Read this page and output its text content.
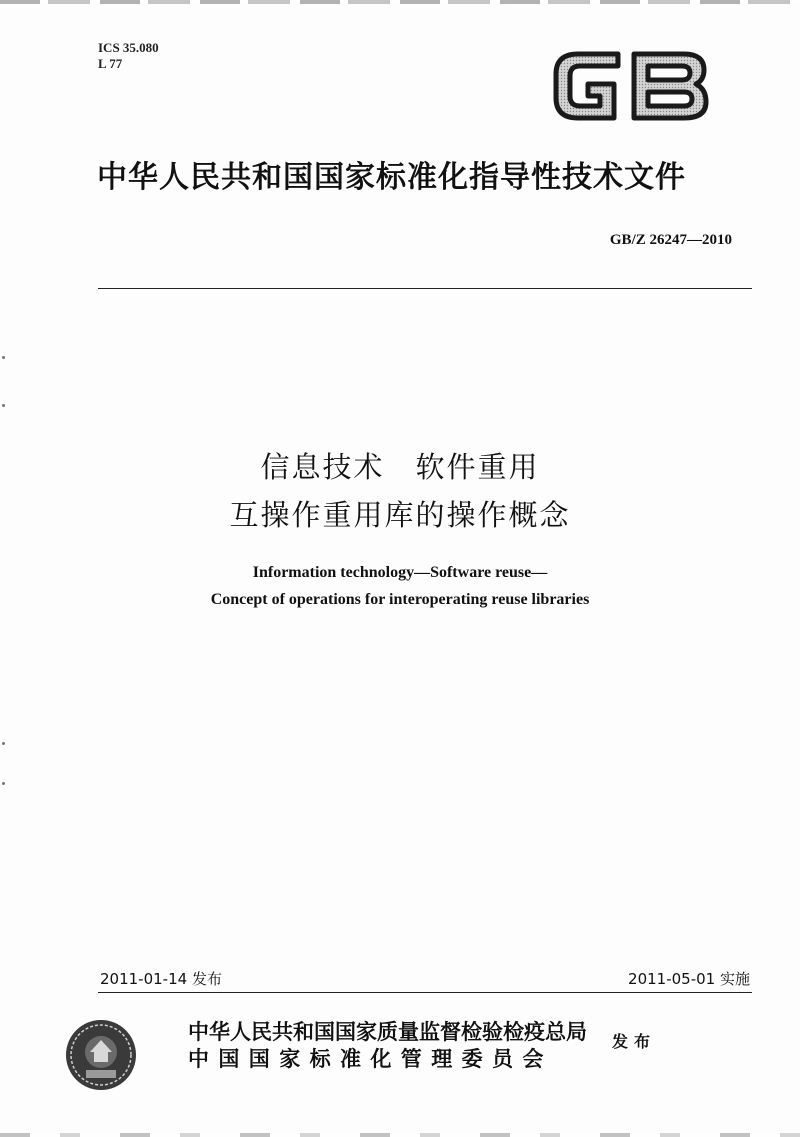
ICS 35.080
L 77
中华人民共和国国家标准化指导性技术文件
GB/Z 26247—2010
信息技术　软件重用
互操作重用库的操作概念
Information technology—Software reuse—
Concept of operations for interoperating reuse libraries
2011-01-14 发布	2011-05-01 实施
中华人民共和国国家质量监督检验检疫总局
中国国家标准化管理委员会
发布
